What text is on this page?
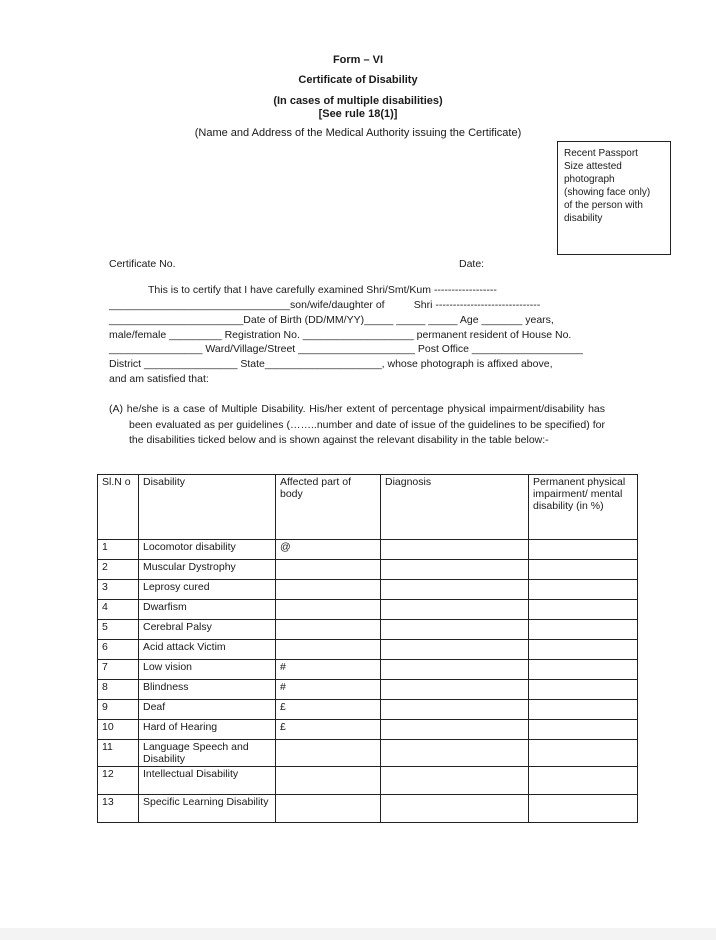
Form – VI
Certificate of Disability
(In cases of multiple disabilities)
[See rule 18(1)]
(Name and Address of the Medical Authority issuing the Certificate)
Recent Passport
Size attested
photograph
(showing face only)
of the person with
disability
Certificate No.	Date:
This is to certify that I have carefully examined Shri/Smt/Kum ------------------
_______________________________son/wife/daughter of          Shri ------------------------------
_______________________Date of Birth (DD/MM/YY)_____ _____ _____ Age _______ years,
male/female _________ Registration No. ___________________ permanent resident of House No.
________________ Ward/Village/Street ____________________ Post Office ___________________
District ________________ State____________________, whose photograph is affixed above,
and am satisfied that:
(A) he/she is a case of Multiple Disability. His/her extent of percentage physical impairment/disability has been evaluated as per guidelines (……..number and date of issue of the guidelines to be specified) for the disabilities ticked below and is shown against the relevant disability in the table below:-
Sl.N o	Disability	Affected part of body	Diagnosis	Permanent physical impairment/ mental disability (in %)
1	Locomotor disability	@		
2	Muscular Dystrophy			
3	Leprosy cured			
4	Dwarfism			
5	Cerebral Palsy			
6	Acid attack Victim			
7	Low vision	#		
8	Blindness	#		
9	Deaf	£		
10	Hard of Hearing	£		
11	Language Speech and Disability			
12	Intellectual Disability			
13	Specific Learning Disability			
